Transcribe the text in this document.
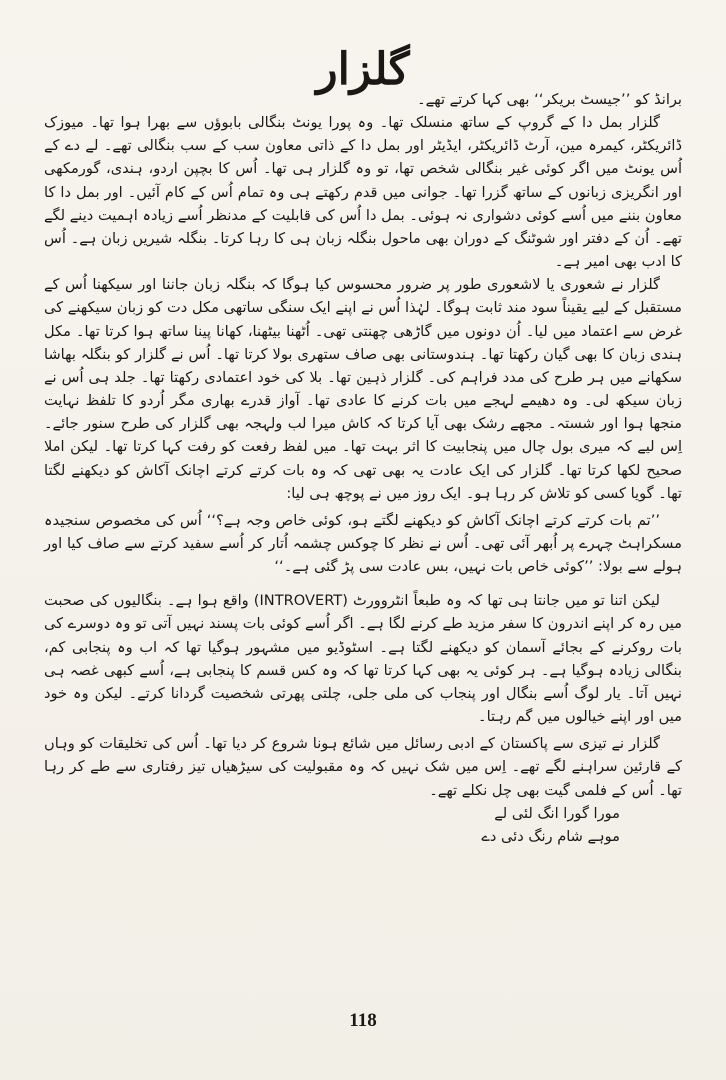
گلزار

برانڈ کو ’’جیسٹ بریکر‘‘ بھی کہا کرتے تھے۔

گلزار بمل دا کے گروپ کے ساتھ منسلک تھا۔ وہ پورا یونٹ بنگالی بابوؤں سے بھرا ہوا تھا۔ میوزک ڈائریکٹر، کیمرہ مین، آرٹ ڈائریکٹر، ایڈیٹر اور بمل دا کے ذاتی معاون سب کے سب بنگالی تھے۔ لے دے کے اُس یونٹ میں اگر کوئی غیر بنگالی شخص تھا، تو وہ گلزار ہی تھا۔ اُس کا بچپن اردو، ہندی، گورمکھی اور انگریزی زبانوں کے ساتھ گزرا تھا۔ جوانی میں قدم رکھتے ہی وہ تمام اُس کے کام آئیں۔ اور بمل دا کا معاون بننے میں اُسے کوئی دشواری نہ ہوئی۔ بمل دا اُس کی قابلیت کے مدنظر اُسے زیادہ اہمیت دینے لگے تھے۔ اُن کے دفتر اور شوٹنگ کے دوران بھی ماحول بنگلہ زبان ہی کا رہا کرتا۔ بنگلہ شیریں زبان ہے۔ اُس کا ادب بھی امیر ہے۔

گلزار نے شعوری یا لاشعوری طور پر ضرور محسوس کیا ہوگا کہ بنگلہ زبان جاننا اور سیکھنا اُس کے مستقبل کے لیے یقیناً سود مند ثابت ہوگا۔ لہٰذا اُس نے اپنے ایک سنگی ساتھی مکل دت کو زبان سیکھنے کی غرض سے اعتماد میں لیا۔ اُن دونوں میں گاڑھی چھنتی تھی۔ اُٹھنا بیٹھنا، کھانا پینا ساتھ ہوا کرتا تھا۔ مکل ہندی زبان کا بھی گیان رکھتا تھا۔ ہندوستانی بھی صاف ستھری بولا کرتا تھا۔ اُس نے گلزار کو بنگلہ بھاشا سکھانے میں ہر طرح کی مدد فراہم کی۔ گلزار ذہین تھا۔ بلا کی خود اعتمادی رکھتا تھا۔ جلد ہی اُس نے زبان سیکھ لی۔ وہ دھیمے لہجے میں بات کرنے کا عادی تھا۔ آواز قدرے بھاری مگر اُردو کا تلفظ نہایت منجھا ہوا اور شستہ۔ مجھے رشک بھی آیا کرتا کہ کاش میرا لب ولہجہ بھی گلزار کی طرح سنور جائے۔ اِس لیے کہ میری بول چال میں پنجابیت کا اثر بہت تھا۔ میں لفظ رفعت کو رفت کہا کرتا تھا۔ لیکن املا صحیح لکھا کرتا تھا۔ گلزار کی ایک عادت یہ بھی تھی کہ وہ بات کرتے کرتے اچانک آکاش کو دیکھنے لگتا تھا۔ گویا کسی کو تلاش کر رہا ہو۔ ایک روز میں نے پوچھ ہی لیا:

’’تم بات کرتے کرتے اچانک آکاش کو دیکھنے لگتے ہو، کوئی خاص وجہ ہے؟‘‘ اُس کی مخصوص سنجیدہ مسکراہٹ چہرے پر اُبھر آئی تھی۔ اُس نے نظر کا چوکس چشمہ اُتار کر اُسے سفید کرتے سے صاف کیا اور ہولے سے بولا: ’’کوئی خاص بات نہیں، بس عادت سی پڑ گئی ہے۔‘‘

لیکن اتنا تو میں جانتا ہی تھا کہ وہ طبعاً انٹروورٹ (INTROVERT) واقع ہوا ہے۔ بنگالیوں کی صحبت میں رہ کر اپنے اندرون کا سفر مزید طے کرنے لگا ہے۔ اگر اُسے کوئی بات پسند نہیں آتی تو وہ دوسرے کی بات روکرنے کے بجائے آسمان کو دیکھنے لگتا ہے۔ اسٹوڈیو میں مشہور ہوگیا تھا کہ اب وہ پنجابی کم، بنگالی زیادہ ہوگیا ہے۔ ہر کوئی یہ بھی کہا کرتا تھا کہ وہ کس قسم کا پنجابی ہے، اُسے کبھی غصہ ہی نہیں آتا۔ یار لوگ اُسے بنگال اور پنجاب کی ملی جلی، چلتی پھرتی شخصیت گردانا کرتے۔ لیکن وہ خود میں اور اپنے خیالوں میں گم رہتا۔

گلزار نے تیزی سے پاکستان کے ادبی رسائل میں شائع ہونا شروع کر دیا تھا۔ اُس کی تخلیقات کو وہاں کے قارئین سراہنے لگے تھے۔ اِس میں شک نہیں کہ وہ مقبولیت کی سیڑھیاں تیز رفتاری سے طے کر رہا تھا۔ اُس کے فلمی گیت بھی چل نکلے تھے۔

مورا گورا انگ لئی لے

موہے شام رنگ دئی دے

118
